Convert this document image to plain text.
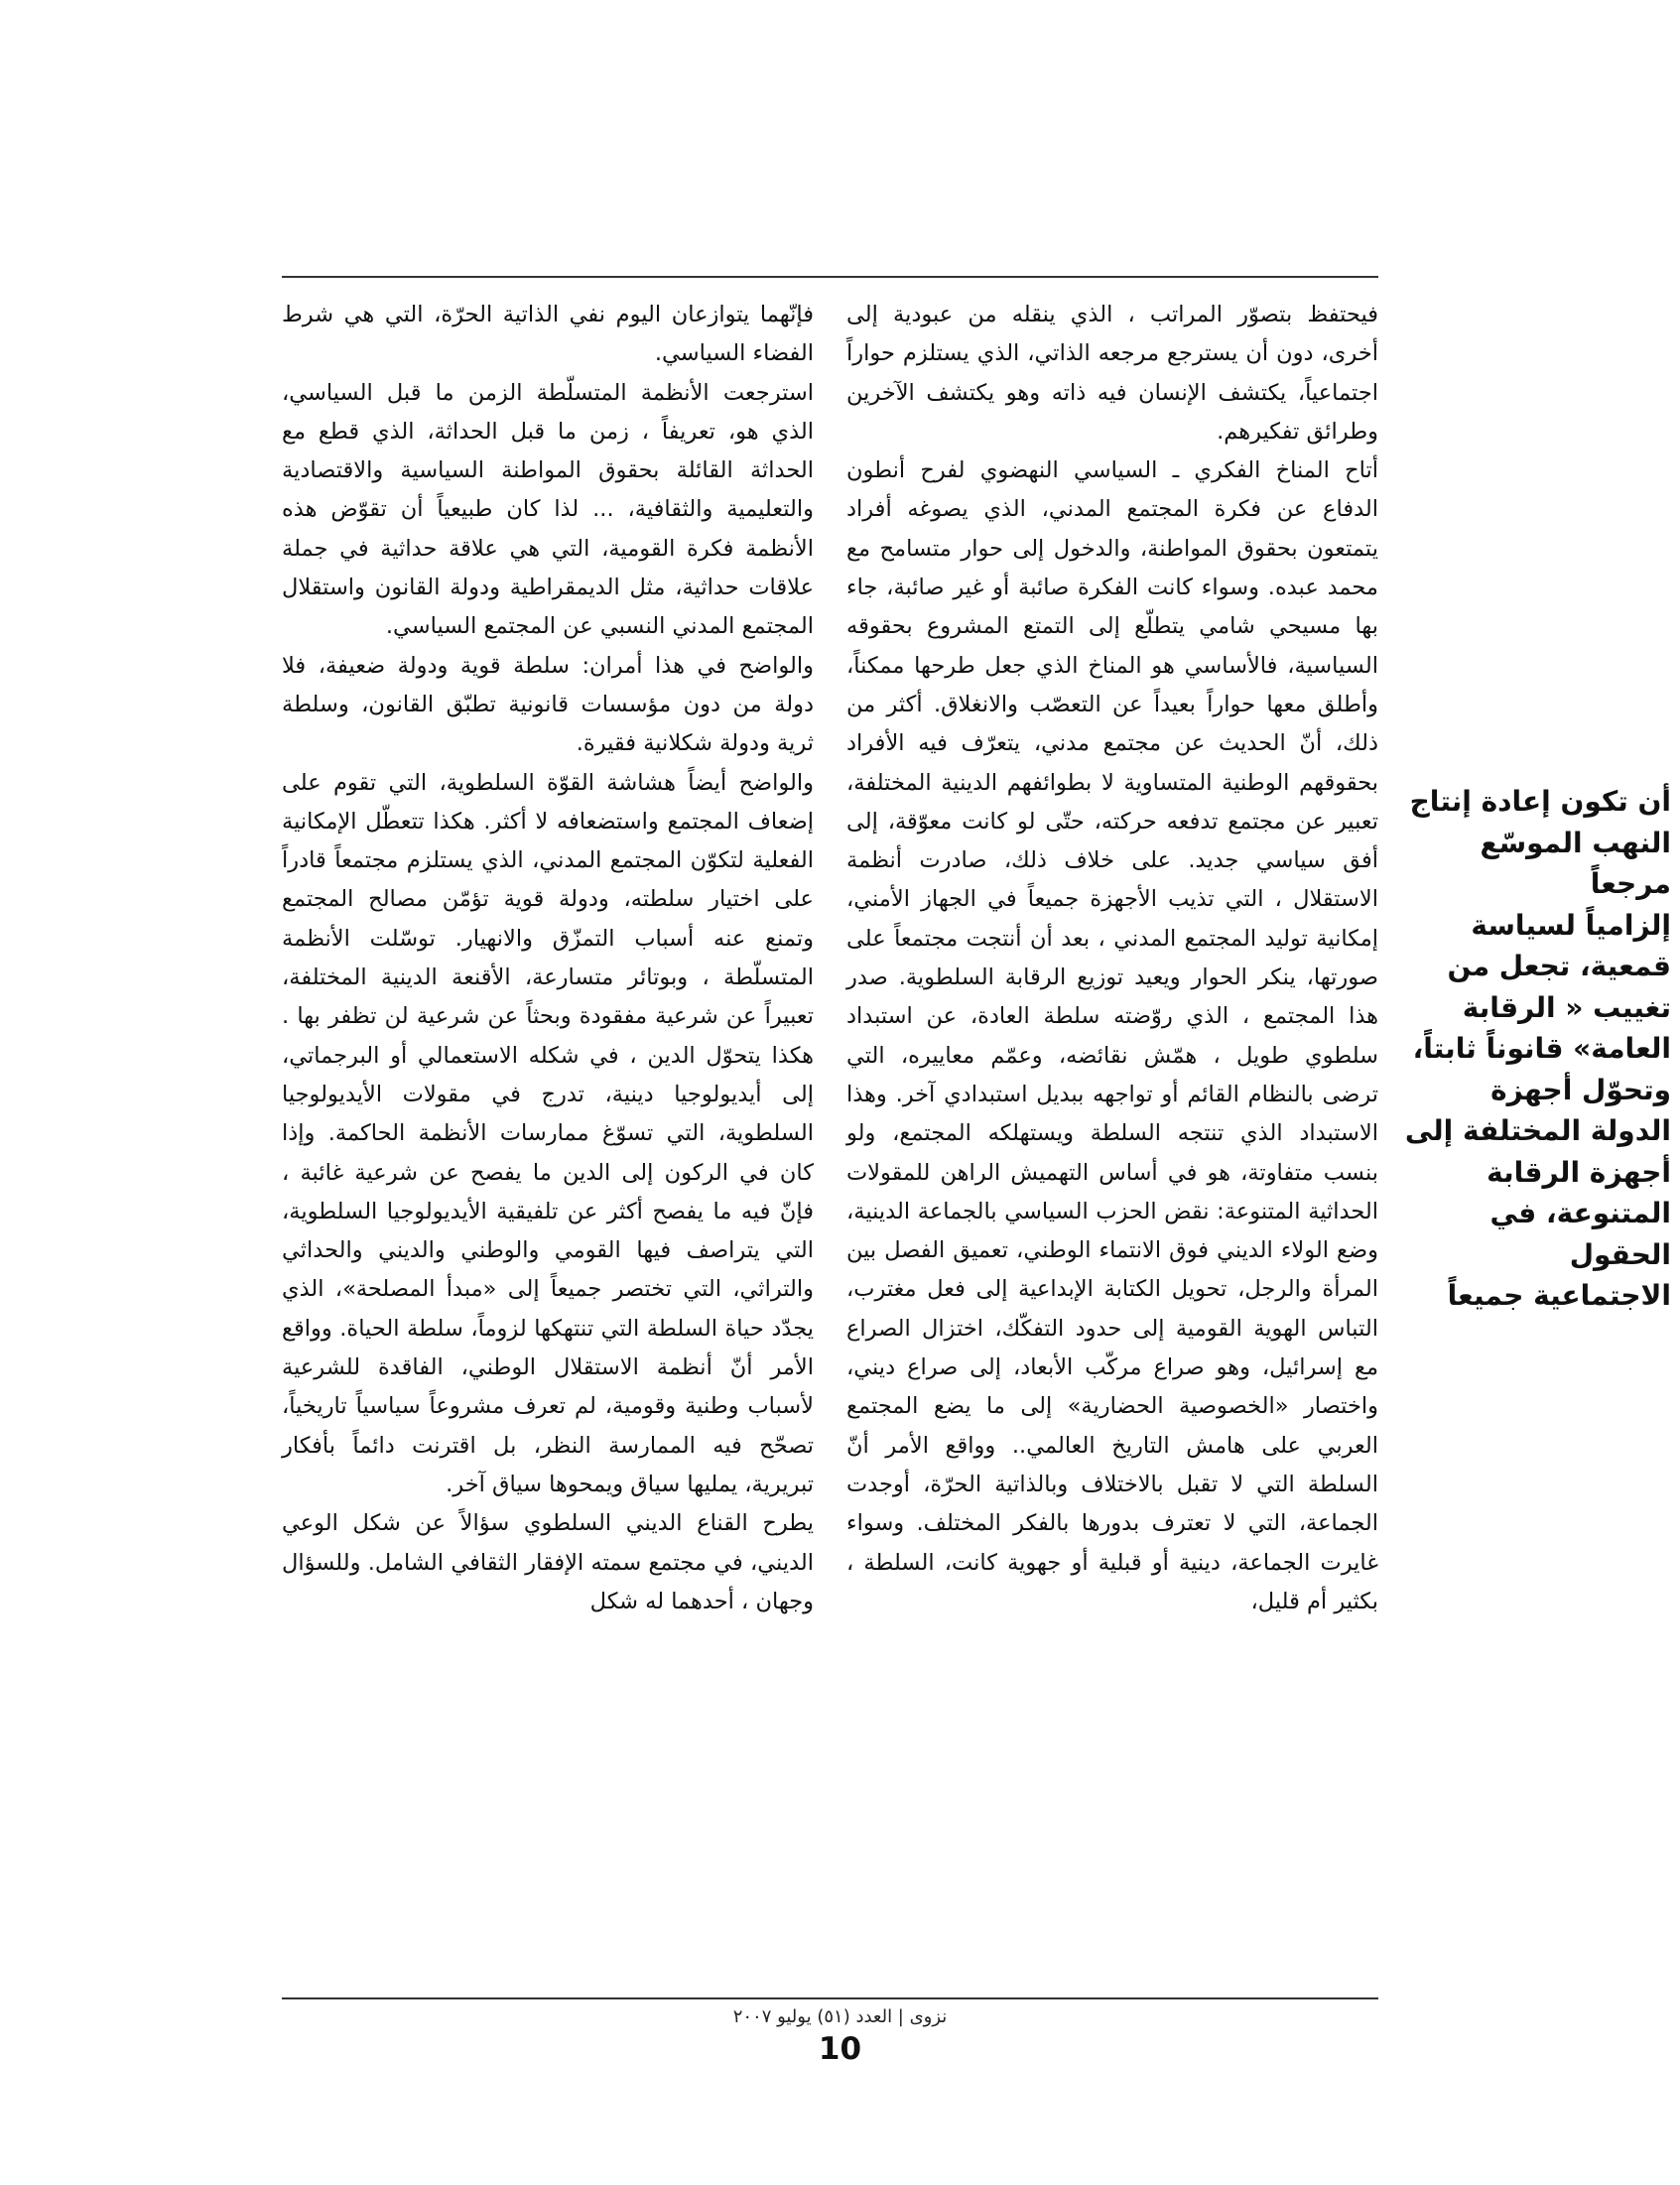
فيحتفظ بتصوّر المراتب ، الذي ينقله من عبودية إلى أخرى، دون أن يسترجع مرجعه الذاتي، الذي يستلزم حواراً اجتماعياً، يكتشف الإنسان فيه ذاته وهو يكتشف الآخرين وطرائق تفكيرهم.

أتاح المناخ الفكري ـ السياسي النهضوي لفرح أنطون الدفاع عن فكرة المجتمع المدني، الذي يصوغه أفراد يتمتعون بحقوق المواطنة، والدخول إلى حوار متسامح مع محمد عبده. وسواء كانت الفكرة صائبة أو غير صائبة، جاء بها مسيحي شامي يتطلّع إلى التمتع المشروع بحقوقه السياسية، فالأساسي هو المناخ الذي جعل طرحها ممكناً، وأطلق معها حواراً بعيداً عن التعصّب والانغلاق. أكثر من ذلك، أنّ الحديث عن مجتمع مدني، يتعرّف فيه الأفراد بحقوقهم الوطنية المتساوية لا بطوائفهم الدينية المختلفة، تعبير عن مجتمع تدفعه حركته، حتّى لو كانت معوّقة، إلى أفق سياسي جديد. على خلاف ذلك، صادرت أنظمة الاستقلال ، التي تذيب الأجهزة جميعاً في الجهاز الأمني، إمكانية توليد المجتمع المدني ، بعد أن أنتجت مجتمعاً على صورتها، ينكر الحوار ويعيد توزيع الرقابة السلطوية. صدر هذا المجتمع ، الذي روّضته سلطة العادة، عن استبداد سلطوي طويل ، همّش نقائضه، وعمّم معاييره، التي ترضى بالنظام القائم أو تواجهه ببديل استبدادي آخر. وهذا الاستبداد الذي تنتجه السلطة ويستهلكه المجتمع، ولو بنسب متفاوتة، هو في أساس التهميش الراهن للمقولات الحداثية المتنوعة: نقض الحزب السياسي بالجماعة الدينية، وضع الولاء الديني فوق الانتماء الوطني، تعميق الفصل بين المرأة والرجل، تحويل الكتابة الإبداعية إلى فعل مغترب، التباس الهوية القومية إلى حدود التفكّك، اختزال الصراع مع إسرائيل، وهو صراع مركّب الأبعاد، إلى صراع ديني، واختصار «الخصوصية الحضارية» إلى ما يضع المجتمع العربي على هامش التاريخ العالمي.. وواقع الأمر أنّ السلطة التي لا تقبل بالاختلاف وبالذاتية الحرّة، أوجدت الجماعة، التي لا تعترف بدورها بالفكر المختلف. وسواء غايرت الجماعة، دينية أو قبلية أو جهوية كانت، السلطة ، بكثير أم قليل،

فإنّهما يتوازعان اليوم نفي الذاتية الحرّة، التي هي شرط الفضاء السياسي.

استرجعت الأنظمة المتسلّطة الزمن ما قبل السياسي، الذي هو، تعريفاً ، زمن ما قبل الحداثة، الذي قطع مع الحداثة القائلة بحقوق المواطنة السياسية والاقتصادية والتعليمية والثقافية، ... لذا كان طبيعياً أن تقوّض هذه الأنظمة فكرة القومية، التي هي علاقة حداثية في جملة علاقات حداثية، مثل الديمقراطية ودولة القانون واستقلال المجتمع المدني النسبي عن المجتمع السياسي.

والواضح في هذا أمران: سلطة قوية ودولة ضعيفة، فلا دولة من دون مؤسسات قانونية تطبّق القانون، وسلطة ثرية ودولة شكلانية فقيرة.

والواضح أيضاً هشاشة القوّة السلطوية، التي تقوم على إضعاف المجتمع واستضعافه لا أكثر. هكذا تتعطّل الإمكانية الفعلية لتكوّن المجتمع المدني، الذي يستلزم مجتمعاً قادراً على اختيار سلطته، ودولة قوية تؤمّن مصالح المجتمع وتمنع عنه أسباب التمزّق والانهيار. توسّلت الأنظمة المتسلّطة ، وبوتائر متسارعة، الأقنعة الدينية المختلفة، تعبيراً عن شرعية مفقودة وبحثاً عن شرعية لن تظفر بها . هكذا يتحوّل الدين ، في شكله الاستعمالي أو البرجماتي، إلى أيديولوجيا دينية، تدرج في مقولات الأيديولوجيا السلطوية، التي تسوّغ ممارسات الأنظمة الحاكمة. وإذا كان في الركون إلى الدين ما يفصح عن شرعية غائبة ، فإنّ فيه ما يفصح أكثر عن تلفيقية الأيديولوجيا السلطوية، التي يتراصف فيها القومي والوطني والديني والحداثي والتراثي، التي تختصر جميعاً إلى «مبدأ المصلحة»، الذي يجدّد حياة السلطة التي تنتهكها لزوماً، سلطة الحياة. وواقع الأمر أنّ أنظمة الاستقلال الوطني، الفاقدة للشرعية لأسباب وطنية وقومية، لم تعرف مشروعاً سياسياً تاريخياً، تصحّح فيه الممارسة النظر، بل اقترنت دائماً بأفكار تبريرية، يمليها سياق ويمحوها سياق آخر.

يطرح القناع الديني السلطوي سؤالاً عن شكل الوعي الديني، في مجتمع سمته الإفقار الثقافي الشامل. وللسؤال وجهان ، أحدهما له شكل

أن تكون إعادة إنتاج
النهب الموسّع مرجعاً
إلزامياً لسياسة
قمعية، تجعل من
تغييب « الرقابة
العامة» قانوناً ثابتاً،
وتحوّل أجهزة
الدولة المختلفة إلى
أجهزة الرقابة
المتنوعة، في الحقول
الاجتماعية جميعاً
نزوى | العدد (٥١) يوليو ٢٠٠٧
10
